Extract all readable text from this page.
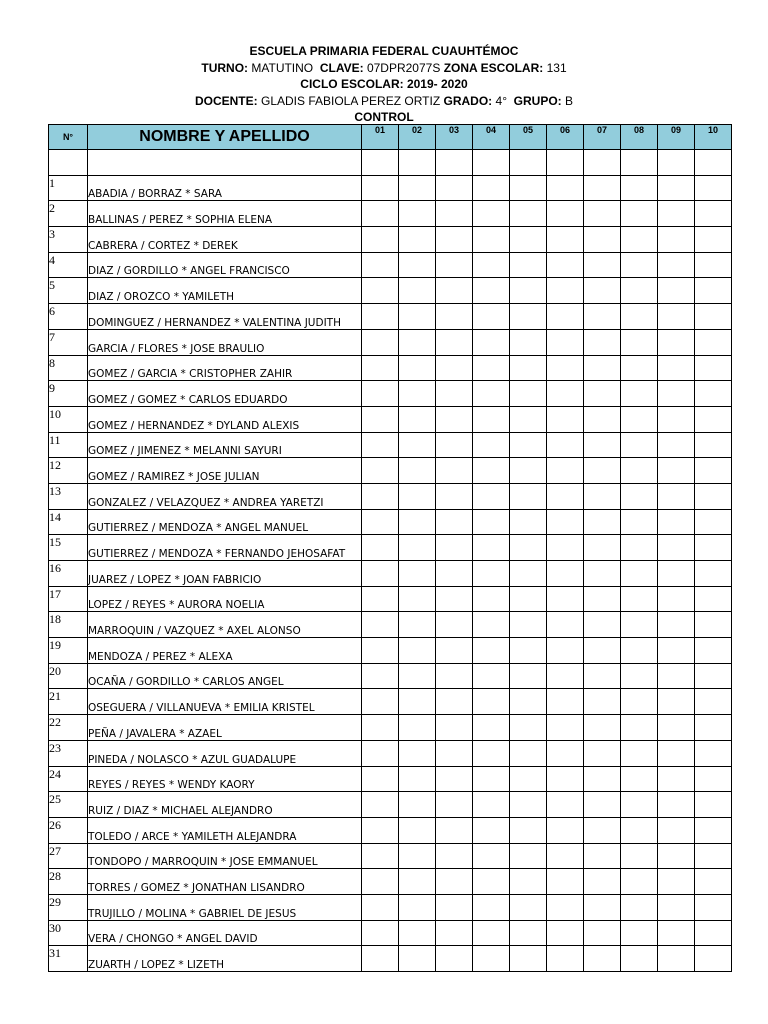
ESCUELA PRIMARIA FEDERAL CUAUHTÉMOC
TURNO: MATUTINO CLAVE: 07DPR2077S ZONA ESCOLAR: 131
CICLO ESCOLAR: 2019- 2020
DOCENTE: GLADIS FABIOLA PEREZ ORTIZ GRADO: 4° GRUPO: B
CONTROL
N°	NOMBRE Y APELLIDO	01	02	03	04	05	06	07	08	09	10

1	ABADIA / BORRAZ * SARA										
2	BALLINAS / PEREZ * SOPHIA ELENA										
3	CABRERA / CORTEZ * DEREK										
4	DIAZ / GORDILLO * ANGEL FRANCISCO										
5	DIAZ / OROZCO * YAMILETH										
6	DOMINGUEZ / HERNANDEZ * VALENTINA JUDITH										
7	GARCIA / FLORES * JOSE BRAULIO										
8	GOMEZ / GARCIA * CRISTOPHER ZAHIR										
9	GOMEZ / GOMEZ * CARLOS EDUARDO										
10	GOMEZ / HERNANDEZ * DYLAND ALEXIS										
11	GOMEZ / JIMENEZ * MELANNI SAYURI										
12	GOMEZ / RAMIREZ * JOSE JULIAN										
13	GONZALEZ / VELAZQUEZ * ANDREA YARETZI										
14	GUTIERREZ / MENDOZA * ANGEL MANUEL										
15	GUTIERREZ / MENDOZA * FERNANDO JEHOSAFAT										
16	JUAREZ / LOPEZ * JOAN FABRICIO										
17	LOPEZ / REYES * AURORA NOELIA										
18	MARROQUIN / VAZQUEZ * AXEL ALONSO										
19	MENDOZA / PEREZ * ALEXA										
20	OCAÑA / GORDILLO * CARLOS ANGEL										
21	OSEGUERA / VILLANUEVA * EMILIA KRISTEL										
22	PEÑA / JAVALERA * AZAEL										
23	PINEDA / NOLASCO * AZUL GUADALUPE										
24	REYES / REYES * WENDY KAORY										
25	RUIZ / DIAZ * MICHAEL ALEJANDRO										
26	TOLEDO / ARCE * YAMILETH ALEJANDRA										
27	TONDOPO / MARROQUIN * JOSE EMMANUEL										
28	TORRES / GOMEZ * JONATHAN LISANDRO										
29	TRUJILLO / MOLINA * GABRIEL DE JESUS										
30	VERA / CHONGO * ANGEL DAVID										
31	ZUARTH / LOPEZ * LIZETH										
